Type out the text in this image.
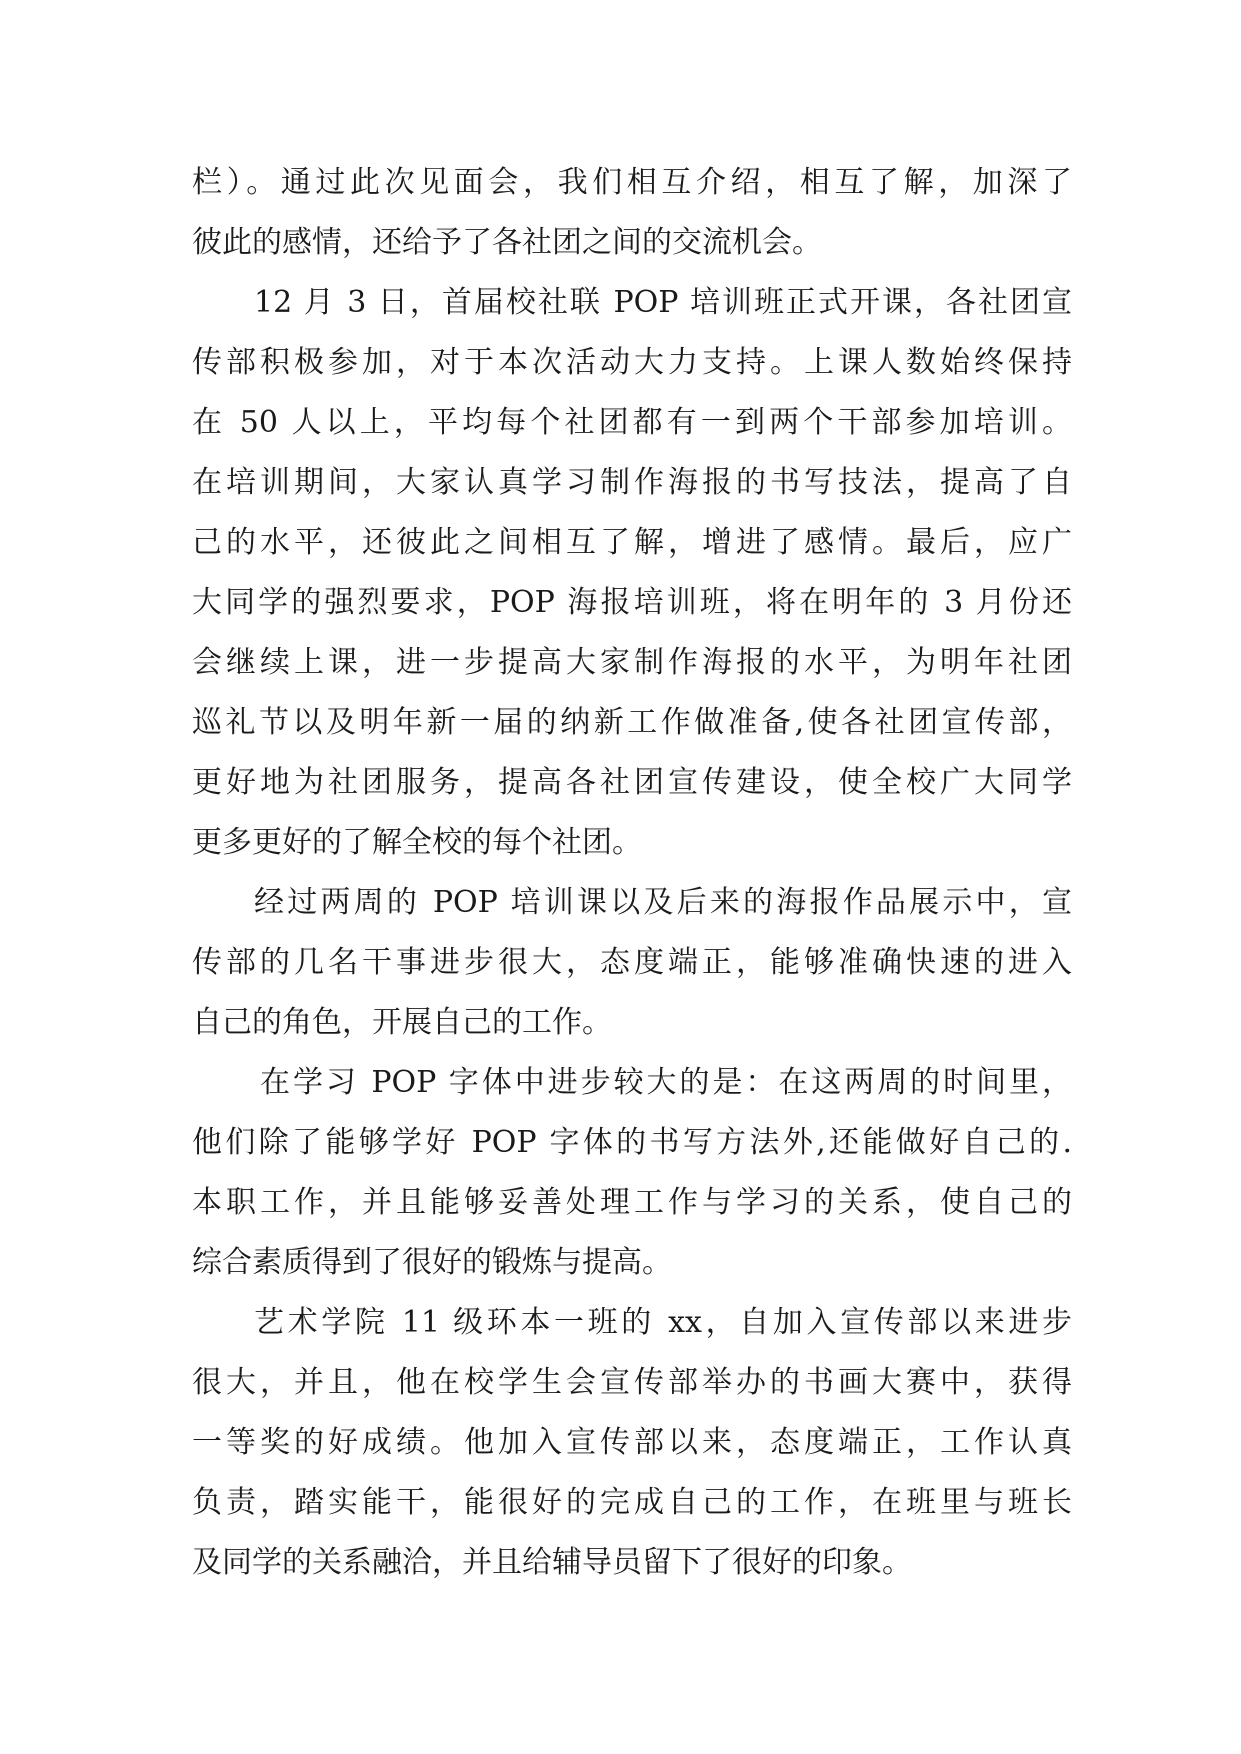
栏）。通过此次见面会，我们相互介绍，相互了解，加深了
彼此的感情，还给予了各社团之间的交流机会。
12 月 3 日，首届校社联 POP 培训班正式开课，各社团宣
传部积极参加，对于本次活动大力支持。上课人数始终保持
在 50 人以上，平均每个社团都有一到两个干部参加培训。
在培训期间，大家认真学习制作海报的书写技法，提高了自
己的水平，还彼此之间相互了解，增进了感情。最后，应广
大同学的强烈要求，POP 海报培训班，将在明年的 3 月份还
会继续上课，进一步提高大家制作海报的水平，为明年社团
巡礼节以及明年新一届的纳新工作做准备,使各社团宣传部，
更好地为社团服务，提高各社团宣传建设，使全校广大同学
更多更好的了解全校的每个社团。
经过两周的 POP 培训课以及后来的海报作品展示中，宣
传部的几名干事进步很大，态度端正，能够准确快速的进入
自己的角色，开展自己的工作。
在学习 POP 字体中进步较大的是：在这两周的时间里，
他们除了能够学好 POP 字体的书写方法外,还能做好自己的.
本职工作，并且能够妥善处理工作与学习的关系，使自己的
综合素质得到了很好的锻炼与提高。
艺术学院 11 级环本一班的 xx，自加入宣传部以来进步
很大，并且，他在校学生会宣传部举办的书画大赛中，获得
一等奖的好成绩。他加入宣传部以来，态度端正，工作认真
负责，踏实能干，能很好的完成自己的工作，在班里与班长
及同学的关系融洽，并且给辅导员留下了很好的印象。
